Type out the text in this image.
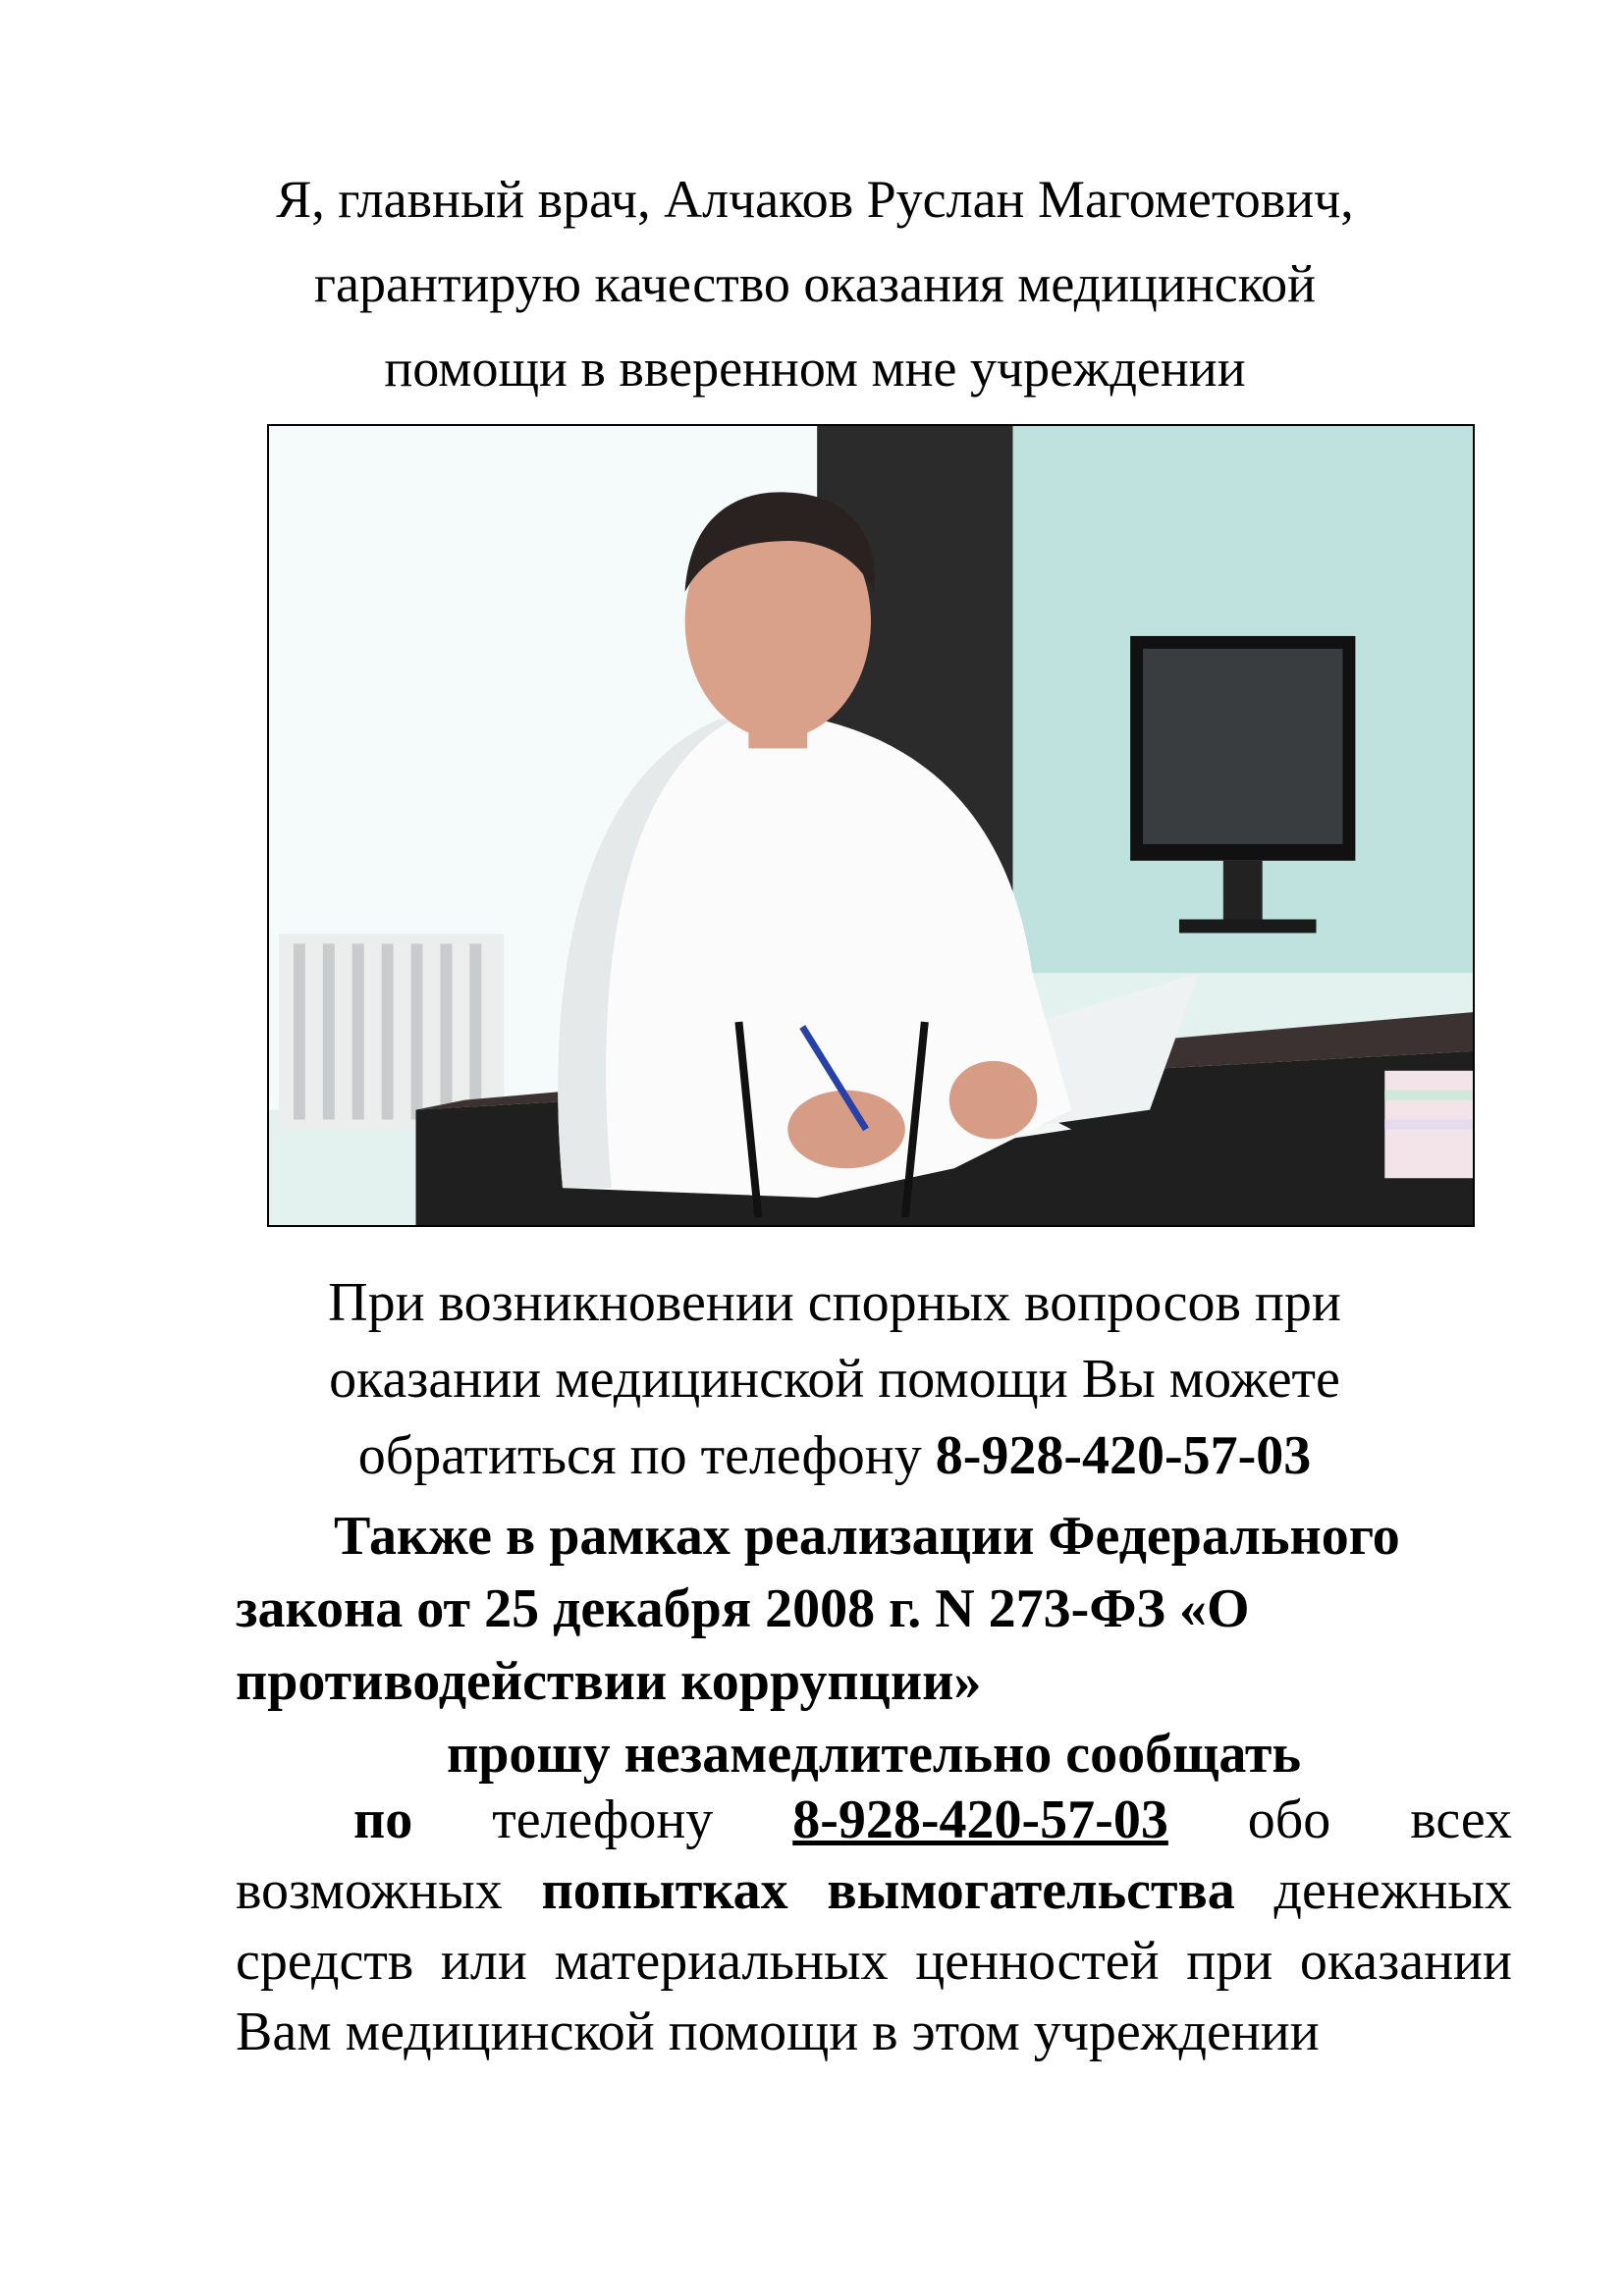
Я, главный врач, Алчаков Руслан Магометович,
гарантирую качество оказания медицинской
помощи в вверенном мне учреждении
При возникновении спорных вопросов при
оказании медицинской помощи Вы можете
обратиться по телефону 8-928-420-57-03
Также в рамках реализации Федерального
закона от 25 декабря 2008 г. N 273-ФЗ «О
противодействии коррупции»
прошу незамедлительно сообщать
по телефону 8-928-420-57-03 обо всех возможных попытках вымогательства денежных средств или материальных ценностей при оказании Вам медицинской помощи в этом учреждении
